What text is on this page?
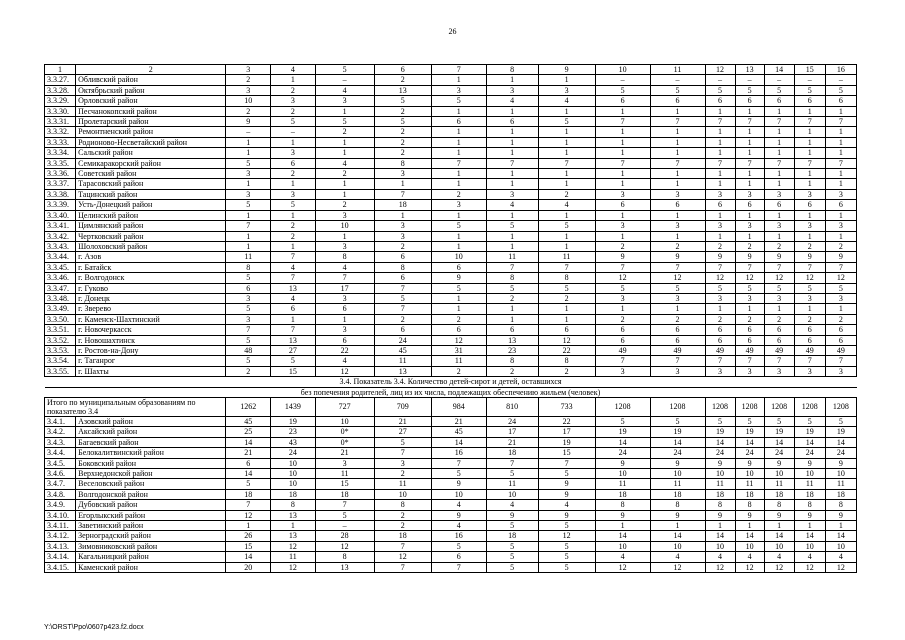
26
1	2	3	4	5	6	7	8	9	10	11	12	13	14	15	16
3.3.27.	Обливский район	2	1	–	2	1	1	1	–	–	–	–	–	–	–
3.3.28.	Октябрьский район	3	2	4	13	3	3	3	5	5	5	5	5	5	5
3.3.29.	Орловский район	10	3	3	5	5	4	4	6	6	6	6	6	6	6
3.3.30.	Песчанокопский район	2	2	1	2	1	1	1	1	1	1	1	1	1	1
3.3.31.	Пролетарский район	9	5	5	5	6	6	5	7	7	7	7	7	7	7
3.3.32.	Ремонтненский район	–	–	2	2	1	1	1	1	1	1	1	1	1	1
3.3.33.	Родионово-Несветайский район	1	1	1	2	1	1	1	1	1	1	1	1	1	1
3.3.34.	Сальский район	1	3	1	2	1	1	1	1	1	1	1	1	1	1
3.3.35.	Семикаракорский район	5	6	4	8	7	7	7	7	7	7	7	7	7	7
3.3.36.	Советский район	3	2	2	3	1	1	1	1	1	1	1	1	1	1
3.3.37.	Тарасовский район	1	1	1	1	1	1	1	1	1	1	1	1	1	1
3.3.38.	Тацинский район	3	3	1	7	2	3	2	3	3	3	3	3	3	3
3.3.39.	Усть-Донецкий район	5	5	2	18	3	4	4	6	6	6	6	6	6	6
3.3.40.	Целинский район	1	1	3	1	1	1	1	1	1	1	1	1	1	1
3.3.41.	Цимлянский район	7	2	10	3	5	5	5	3	3	3	3	3	3	3
3.3.42.	Чертковский район	1	2	1	3	1	1	1	1	1	1	1	1	1	1
3.3.43.	Шолоховский район	1	1	3	2	1	1	1	2	2	2	2	2	2	2
3.3.44.	г. Азов	11	7	8	6	10	11	11	9	9	9	9	9	9	9
3.3.45.	г. Батайск	8	4	4	8	6	7	7	7	7	7	7	7	7	7
3.3.46.	г. Волгодонск	5	7	7	6	9	8	8	12	12	12	12	12	12	12
3.3.47.	г. Гуково	6	13	17	7	5	5	5	5	5	5	5	5	5	5
3.3.48.	г. Донецк	3	4	3	5	1	2	2	3	3	3	3	3	3	3
3.3.49.	г. Зверево	5	6	6	7	1	1	1	1	1	1	1	1	1	1
3.3.50.	г. Каменск-Шахтинский	3	1	1	2	2	1	1	2	2	2	2	2	2	2
3.3.51.	г. Новочеркасск	7	7	3	6	6	6	6	6	6	6	6	6	6	6
3.3.52.	г. Новошахтинск	5	13	6	24	12	13	12	6	6	6	6	6	6	6
3.3.53.	г. Ростов-на-Дону	48	27	22	45	31	23	22	49	49	49	49	49	49	49
3.3.54.	г. Таганрог	5	5	4	11	11	8	8	7	7	7	7	7	7	7
3.3.55.	г. Шахты	2	15	12	13	2	2	2	3	3	3	3	3	3	3
3.4. Показатель 3.4. Количество детей-сирот и детей, оставшихся															
без попечения родителей, лиц из их числа, подлежащих обеспечению жильем (человек)															
Итого по муниципальным образованиям по показателю 3.4		1262	1439	727	709	984	810	733	1208	1208	1208	1208	1208	1208	1208
3.4.1.	Азовский район	45	19	10	21	21	24	22	5	5	5	5	5	5	5
3.4.2.	Аксайский район	25	23	0*	27	45	17	17	19	19	19	19	19	19	19
3.4.3.	Багаевский район	14	43	0*	5	14	21	19	14	14	14	14	14	14	14
3.4.4.	Белокалитвинский район	21	24	21	7	16	18	15	24	24	24	24	24	24	24
3.4.5.	Боковский район	6	10	3	3	7	7	7	9	9	9	9	9	9	9
3.4.6.	Верхнедонской район	14	10	11	2	5	5	5	10	10	10	10	10	10	10
3.4.7.	Веселовский район	5	10	15	11	9	11	9	11	11	11	11	11	11	11
3.4.8.	Волгодонской район	18	18	18	10	10	10	9	18	18	18	18	18	18	18
3.4.9.	Дубовский район	7	8	7	8	4	4	4	8	8	8	8	8	8	8
3.4.10.	Егорлыкский район	12	13	5	2	9	9	9	9	9	9	9	9	9	9
3.4.11.	Заветинский район	1	1	–	2	4	5	5	1	1	1	1	1	1	1
3.4.12.	Зерноградский район	26	13	28	18	16	18	12	14	14	14	14	14	14	14
3.4.13.	Зимовниковский район	15	12	12	7	5	5	5	10	10	10	10	10	10	10
3.4.14.	Кагальницкий район	14	11	8	12	6	5	5	4	4	4	4	4	4	4
3.4.15.	Каменский район	20	12	13	7	7	5	5	12	12	12	12	12	12	12
Y:\ORST\Ppo\0607p423.f2.docx
